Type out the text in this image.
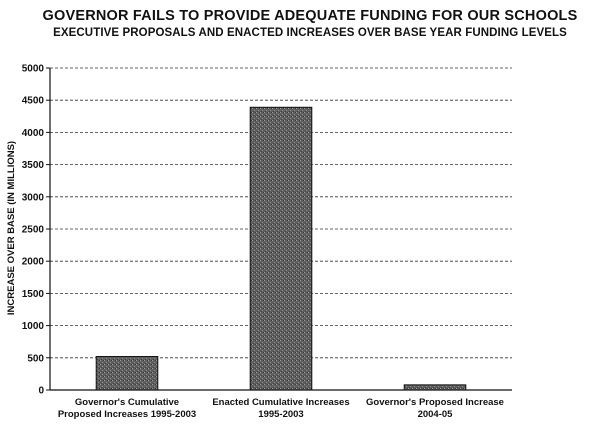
GOVERNOR FAILS TO PROVIDE ADEQUATE FUNDING FOR OUR SCHOOLS
EXECUTIVE PROPOSALS AND ENACTED INCREASES OVER BASE YEAR FUNDING LEVELS
0
500
1000
1500
2000
2500
3000
3500
4000
4500
5000
Governor's Cumulative
Proposed Increases 1995-2003
Enacted Cumulative Increases
1995-2003
Governor's Proposed Increase
2004-05
INCREASE OVER BASE (IN MILLIONS)
